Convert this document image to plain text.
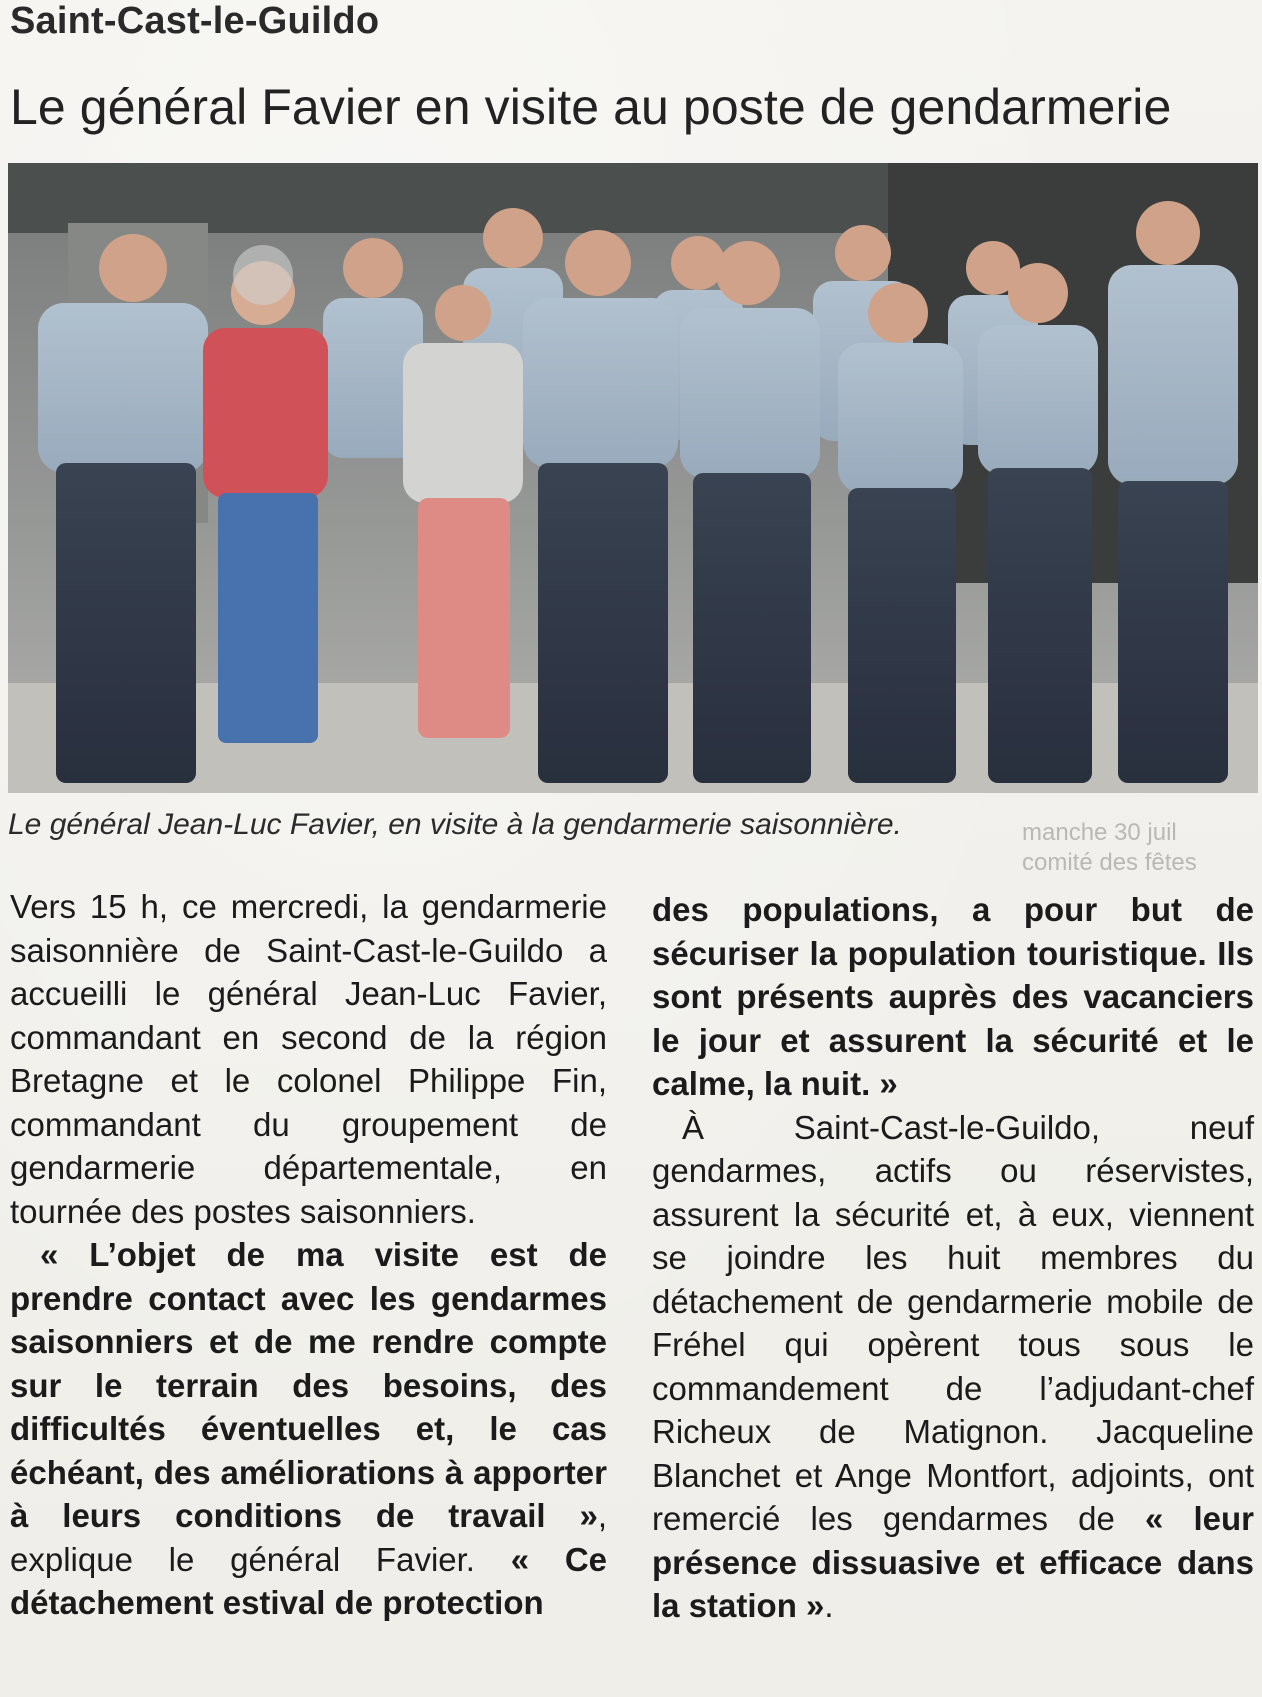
Saint-Cast-le-Guildo
Le général Favier en visite au poste de gendarmerie
Le général Jean-Luc Favier, en visite à la gendarmerie saisonnière.	manche 30 juil
comité des fêtes

Vers 15 h, ce mercredi, la gendarmerie saisonnière de Saint-Cast-le-Guildo a accueilli le général Jean-Luc Favier, commandant en second de la région Bretagne et le colonel Philippe Fin, commandant du groupement de gendarmerie départementale, en tournée des postes saisonniers.

« L’objet de ma visite est de prendre contact avec les gendarmes saisonniers et de me rendre compte sur le terrain des besoins, des difficultés éventuelles et, le cas échéant, des améliorations à apporter à leurs conditions de travail », explique le général Favier. « Ce détachement estival de protection

des populations, a pour but de sécuriser la population touristique. Ils sont présents auprès des vacanciers le jour et assurent la sécurité et le calme, la nuit. »

À Saint-Cast-le-Guildo, neuf gendarmes, actifs ou réservistes, assurent la sécurité et, à eux, viennent se joindre les huit membres du détachement de gendarmerie mobile de Fréhel qui opèrent tous sous le commandement de l’adjudant-chef Richeux de Matignon. Jacqueline Blanchet et Ange Montfort, adjoints, ont remercié les gendarmes de « leur présence dissuasive et efficace dans la station ».
